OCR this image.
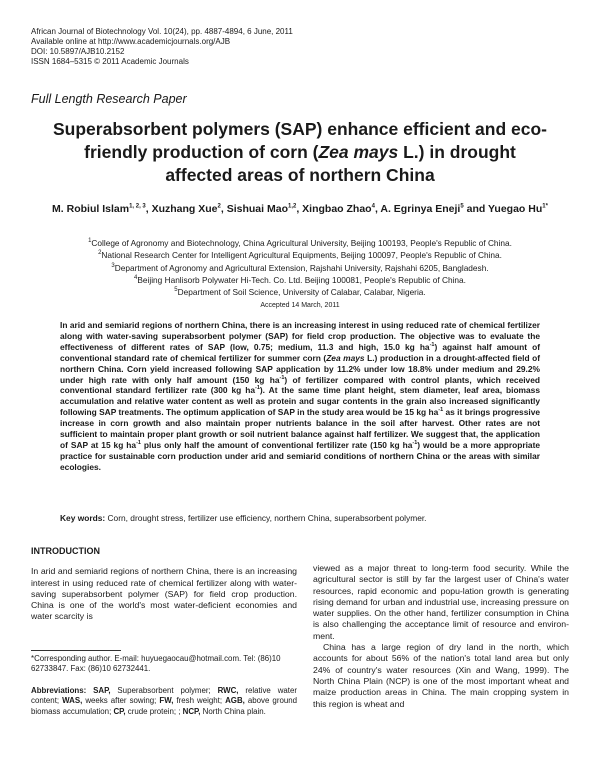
African Journal of Biotechnology Vol. 10(24), pp. 4887-4894, 6 June, 2011
Available online at http://www.academicjournals.org/AJB
DOI: 10.5897/AJB10.2152
ISSN 1684–5315 © 2011 Academic Journals
Full Length Research Paper
Superabsorbent polymers (SAP) enhance efficient and eco-friendly production of corn (Zea mays L.) in drought affected areas of northern China
M. Robiul Islam$^{1, 2, 3}$, Xuzhang Xue$^2$, Sishuai Mao$^{1,2}$, Xingbao Zhao$^4$, A. Egrinya Eneji$^5$ and Yuegao $Hu^{1*}$
$^1$College of Agronomy and Biotechnology, China Agricultural University, Beijing 100193, People's Republic of China.
$^2$National Research Center for Intelligent Agricultural Equipments, Beijing 100097, People's Republic of China.
$^3$Department of Agronomy and Agricultural Extension, Rajshahi University, Rajshahi 6205, Bangladesh.
$^4$Beijing Hanlisorb Polywater Hi-Tech. Co. Ltd. Beijing 100081, People's Republic of China.
$^5$Department of Soil Science, University of Calabar, Calabar, Nigeria.
Accepted 14 March, 2011
In arid and semiarid regions of northern China, there is an increasing interest in using reduced rate of chemical fertilizer along with water-saving superabsorbent polymer (SAP) for field crop production. The objective was to evaluate the effectiveness of different rates of SAP (low, 0.75; medium, 11.3 and high, 15.0 kg $ha^{-1}$) against half amount of conventional standard rate of chemical fertilizer for summer corn (Zea mays L.) production in a drought-affected field of northern China. Corn yield increased following SAP application by 11.2% under low 18.8% under medium and 29.2% under high rate with only half amount (150 kg $ha^{-1}$) of fertilizer compared with control plants, which received conventional standard fertilizer rate (300 kg $ha^{-1}$). At the same time plant height, stem diameter, leaf area, biomass accumulation and relative water content as well as protein and sugar contents in the grain also increased significantly following SAP treatments. The optimum application of SAP in the study area would be 15 kg $ha^{-1}$ as it brings progressive increase in corn growth and also maintain proper nutrients balance in the soil after harvest. Other rates are not sufficient to maintain proper plant growth or soil nutrient balance against half fertilizer. We suggest that, the application of SAP at 15 kg $ha^{-1}$ plus only half the amount of conventional fertilizer rate (150 kg $ha^{-1}$) would be a more appropriate practice for sustainable corn production under arid and semiarid conditions of northern China or the areas with similar ecologies.
Key words: Corn, drought stress, fertilizer use efficiency, northern China, superabsorbent polymer.
INTRODUCTION
In arid and semiarid regions of northern China, there is an increasing interest in using reduced rate of chemical fertilizer along with water-saving superabsorbent polymer (SAP) for field crop production. China is one of the world's most water-deficient economies and water scarcity is
*Corresponding author. E-mail: huyuegaocau@hotmail.com. Tel: (86)10 62733847. Fax: (86)10 62732441.
Abbreviations: SAP, Superabsorbent polymer; RWC, relative water content; WAS, weeks after sowing; FW, fresh weight; AGB, above ground biomass accumulation; CP, crude protein; ; NCP, North China plain.
viewed as a major threat to long-term food security. While the agricultural sector is still by far the largest user of China's water resources, rapid economic and popu-lation growth is generating rising demand for urban and industrial use, increasing pressure on water supplies. On the other hand, fertilizer consumption in China is also challenging the acceptance limit of resource and environ-ment.
China has a large region of dry land in the north, which accounts for about 56% of the nation's total land area but only 24% of country's water resources (Xin and Wang, 1999). The North China Plain (NCP) is one of the most important wheat and maize production areas in China. The main cropping system in this region is wheat and
